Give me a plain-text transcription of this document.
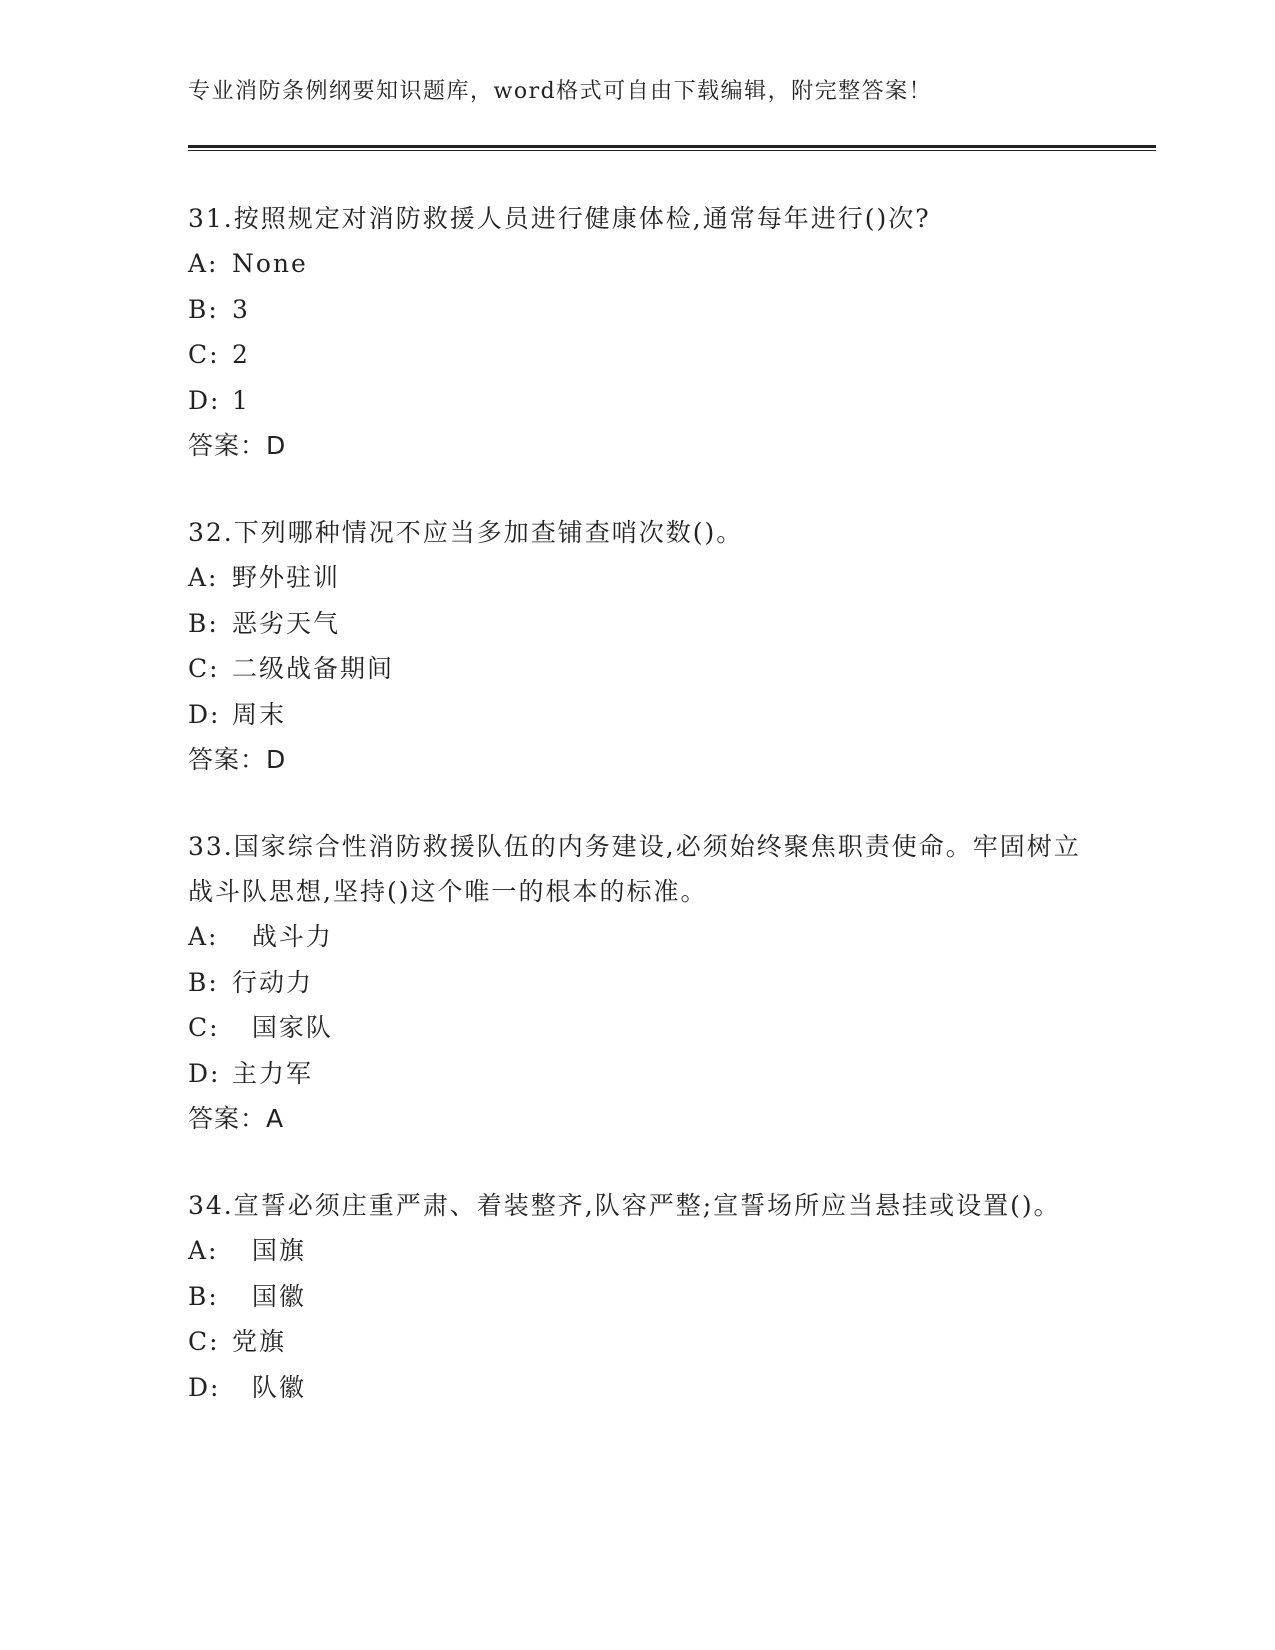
专业消防条例纲要知识题库，word格式可自由下载编辑，附完整答案！

31.按照规定对消防救援人员进行健康体检,通常每年进行()次?

A: None

B: 3

C: 2

D: 1

答案：D

32.下列哪种情况不应当多加查铺查哨次数()。

A: 野外驻训

B: 恶劣天气

C: 二级战备期间

D: 周末

答案：D

33.国家综合性消防救援队伍的内务建设,必须始终聚焦职责使命。牢固树立战斗队思想,坚持()这个唯一的根本的标准。

A:  战斗力

B: 行动力

C:  国家队

D: 主力军

答案：A

34.宣誓必须庄重严肃、着装整齐,队容严整;宣誓场所应当悬挂或设置()。

A:  国旗

B:  国徽

C: 党旗

D:  队徽
